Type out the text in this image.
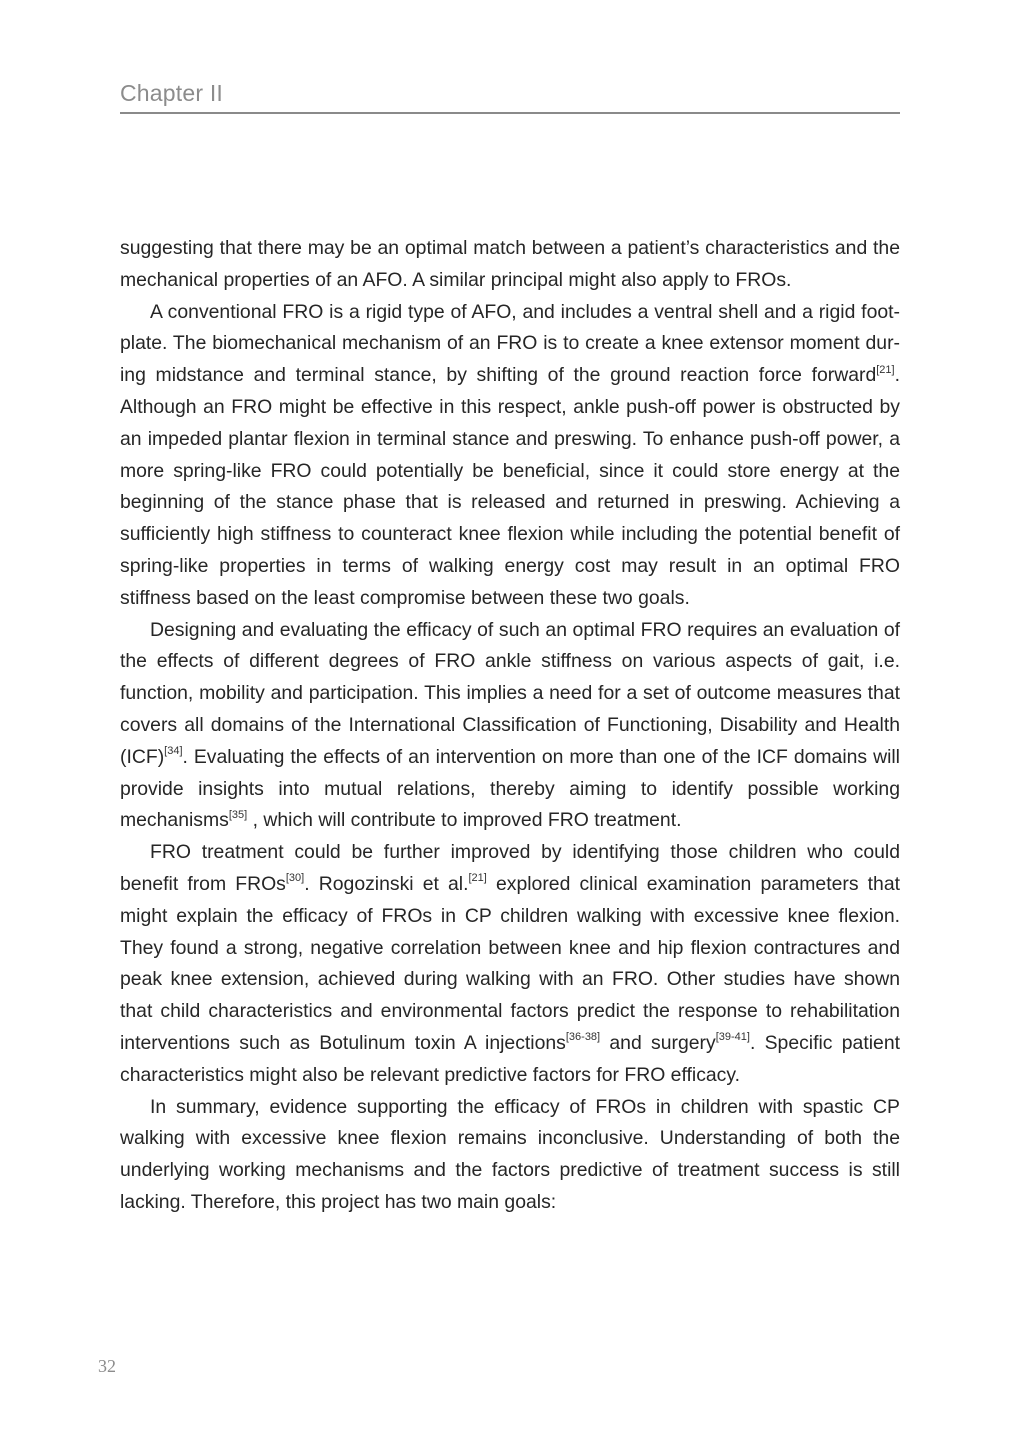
Chapter II

suggesting that there may be an optimal match between a patient’s characteristics and the mechanical properties of an AFO. A similar principal might also apply to FROs.

A conventional FRO is a rigid type of AFO, and includes a ventral shell and a rigid footplate. The biomechanical mechanism of an FRO is to create a knee extensor moment during midstance and terminal stance, by shifting of the ground reaction force forward[21]. Although an FRO might be effective in this respect, ankle push-off power is obstructed by an impeded plantar flexion in terminal stance and preswing. To enhance push-off power, a more spring-like FRO could potentially be beneficial, since it could store energy at the beginning of the stance phase that is released and returned in preswing. Achieving a sufficiently high stiffness to counteract knee flexion while including the potential benefit of spring-like properties in terms of walking energy cost may result in an optimal FRO stiffness based on the least compromise between these two goals.

Designing and evaluating the efficacy of such an optimal FRO requires an evaluation of the effects of different degrees of FRO ankle stiffness on various aspects of gait, i.e. function, mobility and participation. This implies a need for a set of outcome measures that covers all domains of the International Classification of Functioning, Disability and Health (ICF)[34]. Evaluating the effects of an intervention on more than one of the ICF domains will provide insights into mutual relations, thereby aiming to identify possible working mechanisms[35] , which will contribute to improved FRO treatment.

FRO treatment could be further improved by identifying those children who could benefit from FROs[30]. Rogozinski et al.[21] explored clinical examination parameters that might explain the efficacy of FROs in CP children walking with excessive knee flexion. They found a strong, negative correlation between knee and hip flexion contractures and peak knee extension, achieved during walking with an FRO. Other studies have shown that child characteristics and environmental factors predict the response to rehabilitation interventions such as Botulinum toxin A injections[36-38] and surgery[39-41]. Specific patient characteristics might also be relevant predictive factors for FRO efficacy.

In summary, evidence supporting the efficacy of FROs in children with spastic CP walking with excessive knee flexion remains inconclusive. Understanding of both the underlying working mechanisms and the factors predictive of treatment success is still lacking. Therefore, this project has two main goals:

32
